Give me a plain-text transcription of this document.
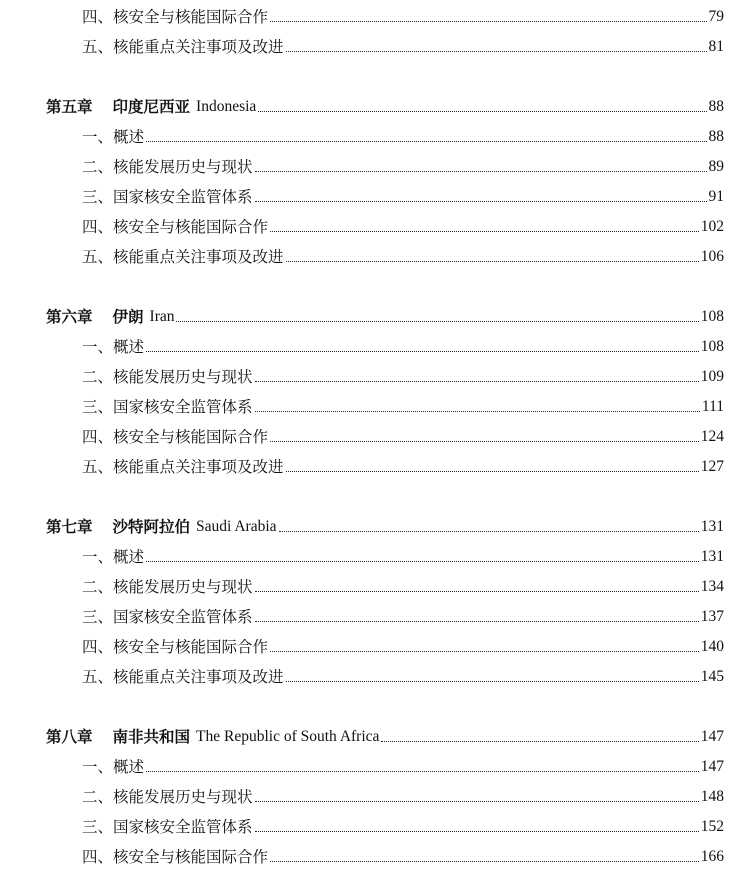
四、核安全与核能国际合作	79
五、核能重点关注事项及改进	81
第五章 印度尼西亚 Indonesia	88
一、概述	88
二、核能发展历史与现状	89
三、国家核安全监管体系	91
四、核安全与核能国际合作	102
五、核能重点关注事项及改进	106
第六章 伊朗 Iran	108
一、概述	108
二、核能发展历史与现状	109
三、国家核安全监管体系	111
四、核安全与核能国际合作	124
五、核能重点关注事项及改进	127
第七章 沙特阿拉伯 Saudi Arabia	131
一、概述	131
二、核能发展历史与现状	134
三、国家核安全监管体系	137
四、核安全与核能国际合作	140
五、核能重点关注事项及改进	145
第八章 南非共和国 The Republic of South Africa	147
一、概述	147
二、核能发展历史与现状	148
三、国家核安全监管体系	152
四、核安全与核能国际合作	166
